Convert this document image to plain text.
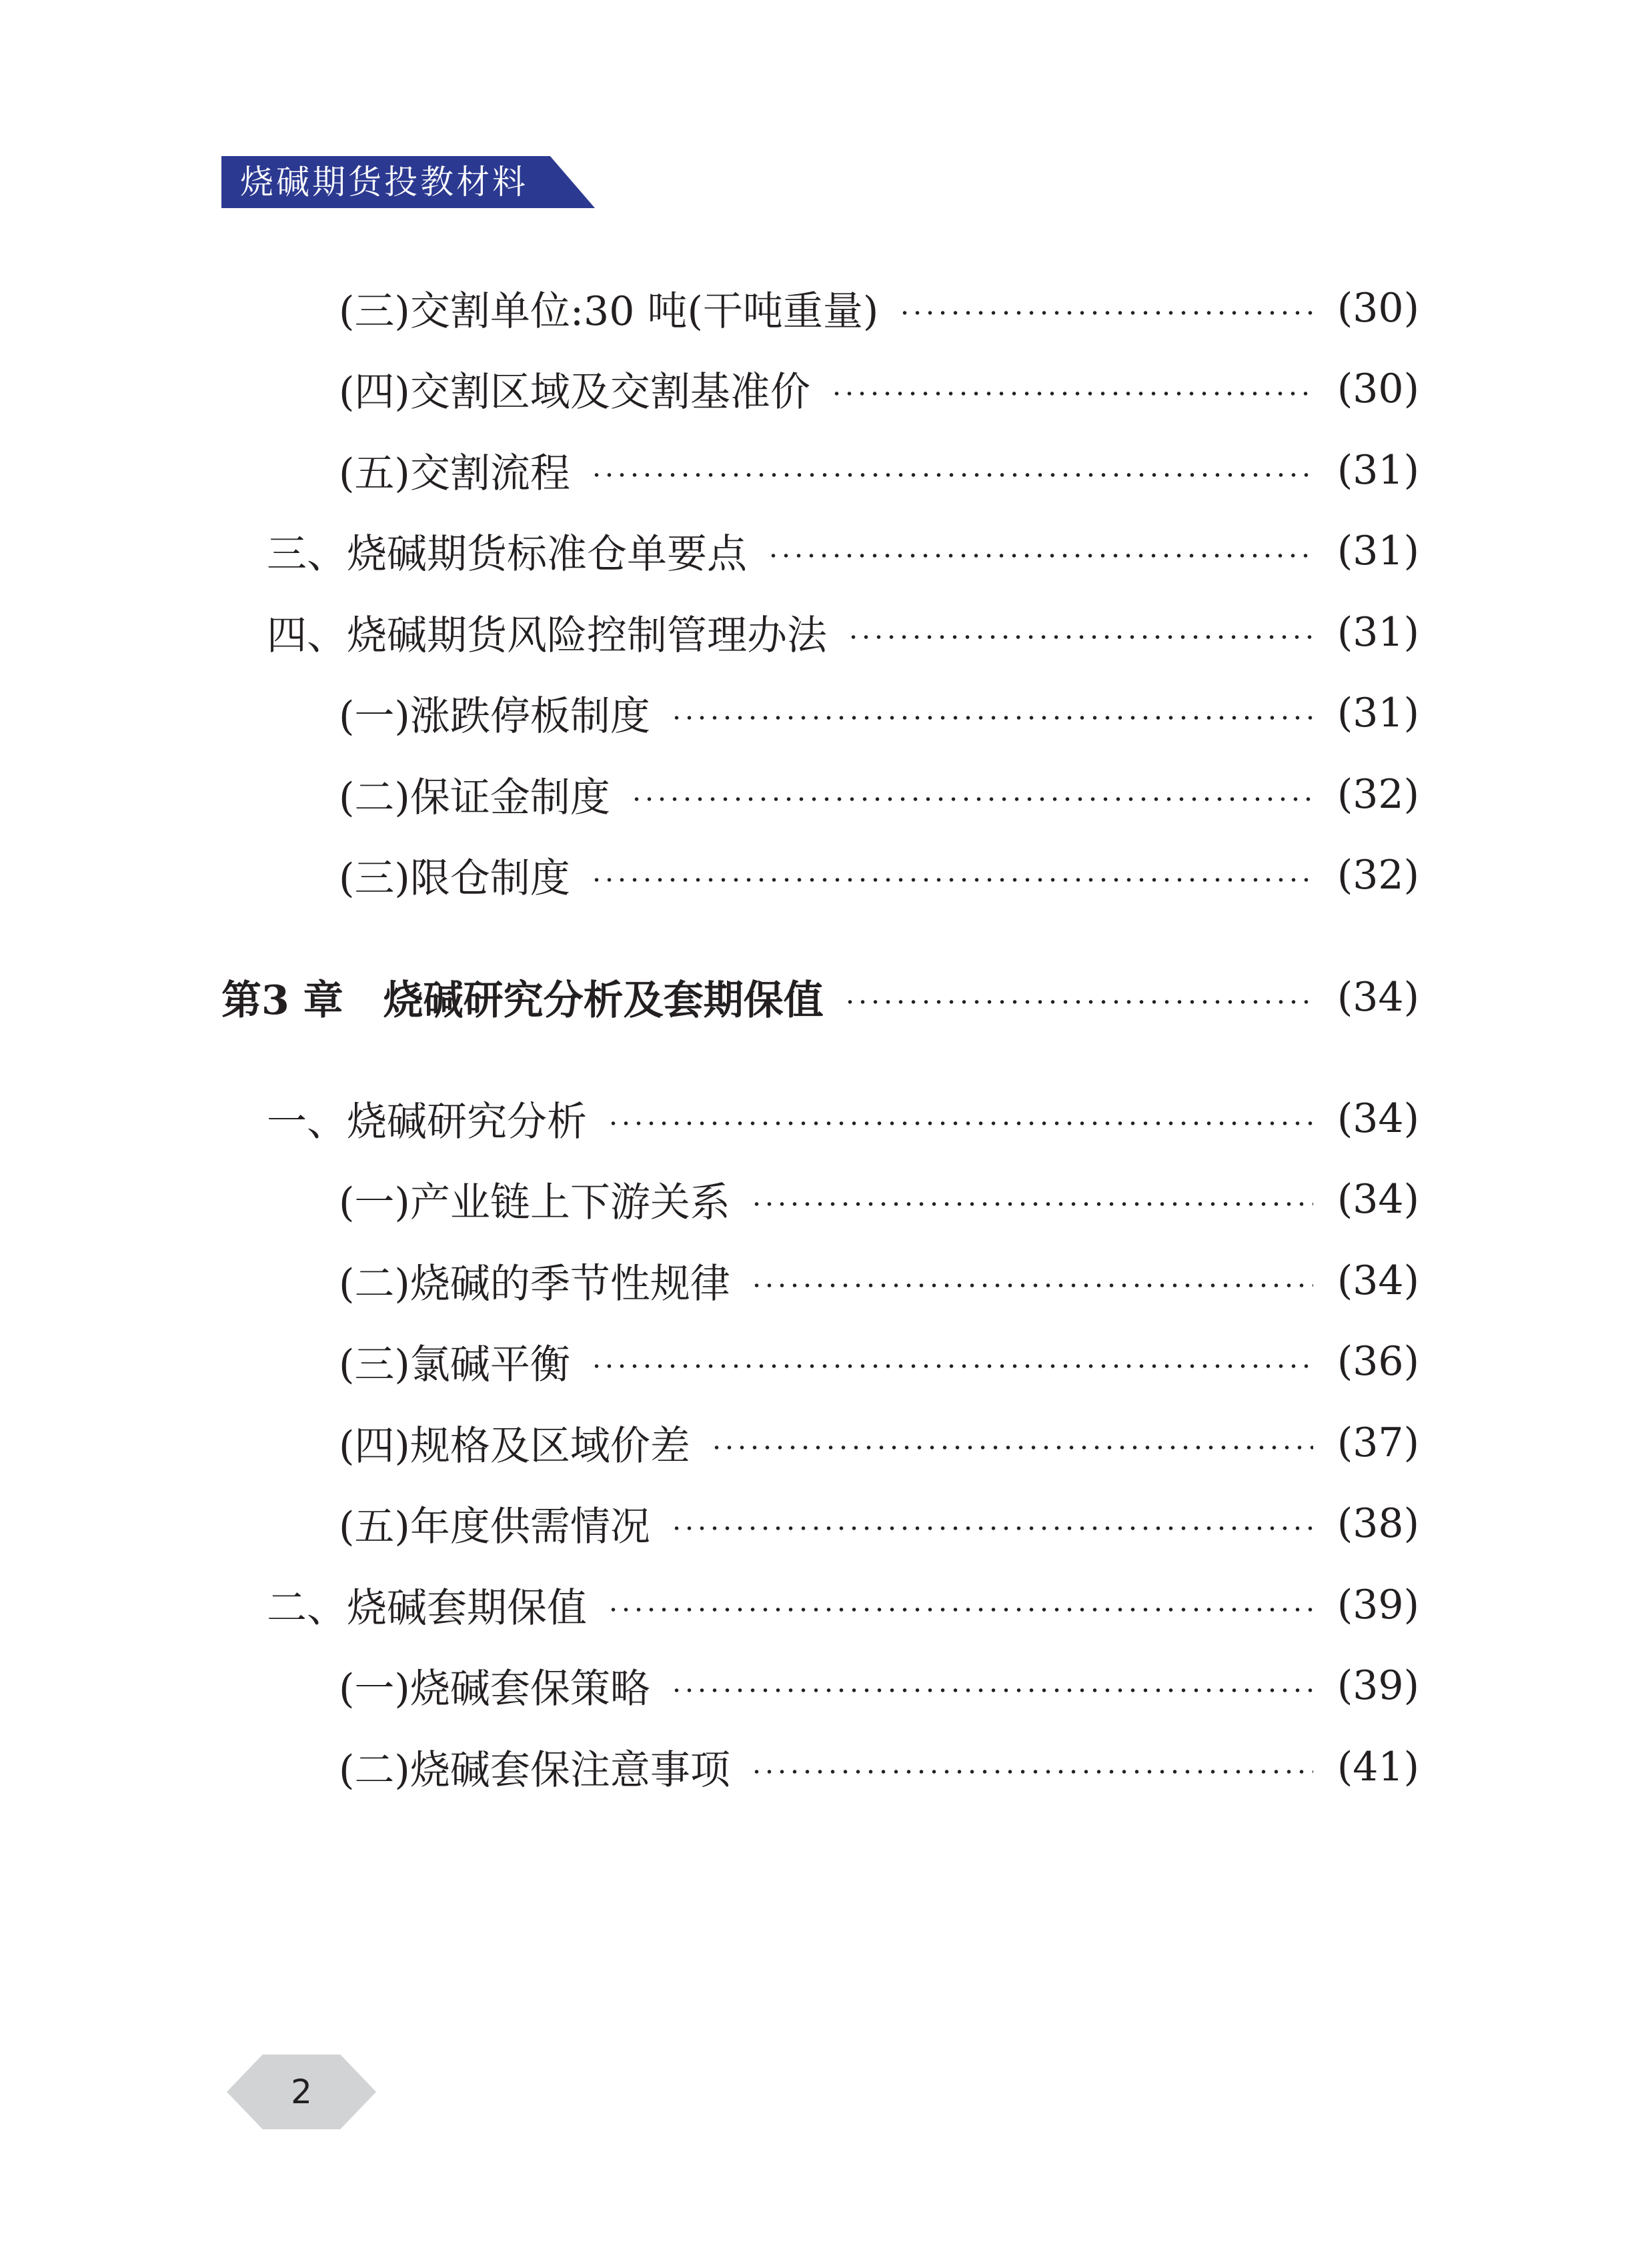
烧碱期货投教材料
(三)交割单位:30 吨(干吨重量)	(30)
(四)交割区域及交割基准价	(30)
(五)交割流程	(31)
三、烧碱期货标准仓单要点	(31)
四、烧碱期货风险控制管理办法	(31)
(一)涨跌停板制度	(31)
(二)保证金制度	(32)
(三)限仓制度	(32)
第3 章　烧碱研究分析及套期保值	(34)
一、烧碱研究分析	(34)
(一)产业链上下游关系	(34)
(二)烧碱的季节性规律	(34)
(三)氯碱平衡	(36)
(四)规格及区域价差	(37)
(五)年度供需情况	(38)
二、烧碱套期保值	(39)
(一)烧碱套保策略	(39)
(二)烧碱套保注意事项	(41)
2
